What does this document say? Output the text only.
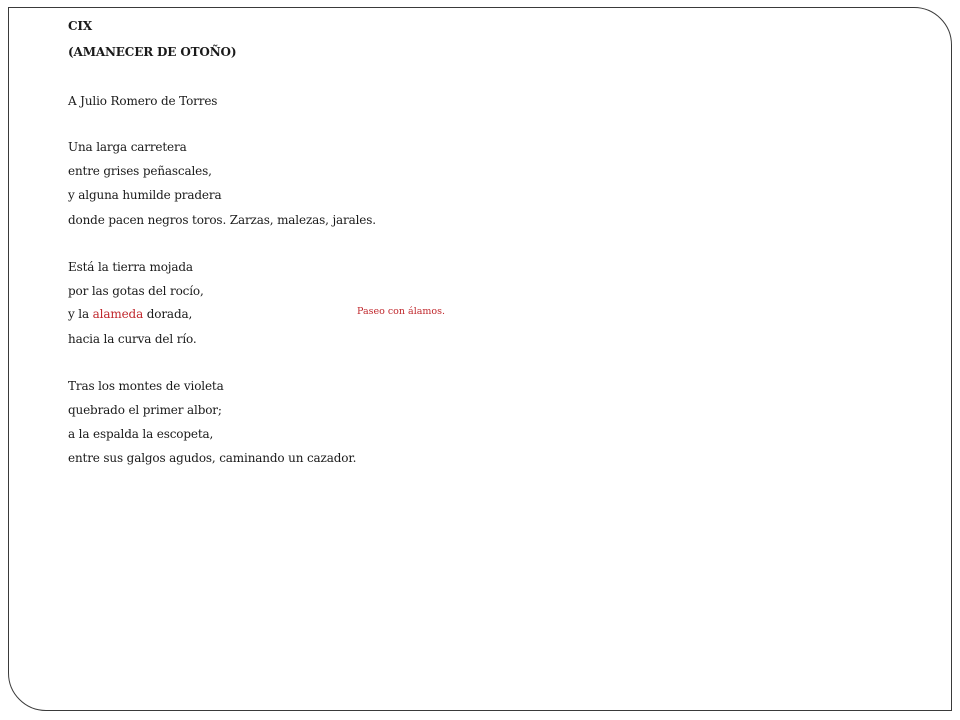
CIX
(AMANECER DE OTOÑO)
A Julio Romero de Torres
Una larga carretera
entre grises peñascales,
y alguna humilde pradera
donde pacen negros toros. Zarzas, malezas, jarales.
Está la tierra mojada
por las gotas del rocío,
y la alameda dorada,
hacia la curva del río.
Tras los montes de violeta
quebrado el primer albor;
a la espalda la escopeta,
entre sus galgos agudos, caminando un cazador.
Paseo con álamos.
